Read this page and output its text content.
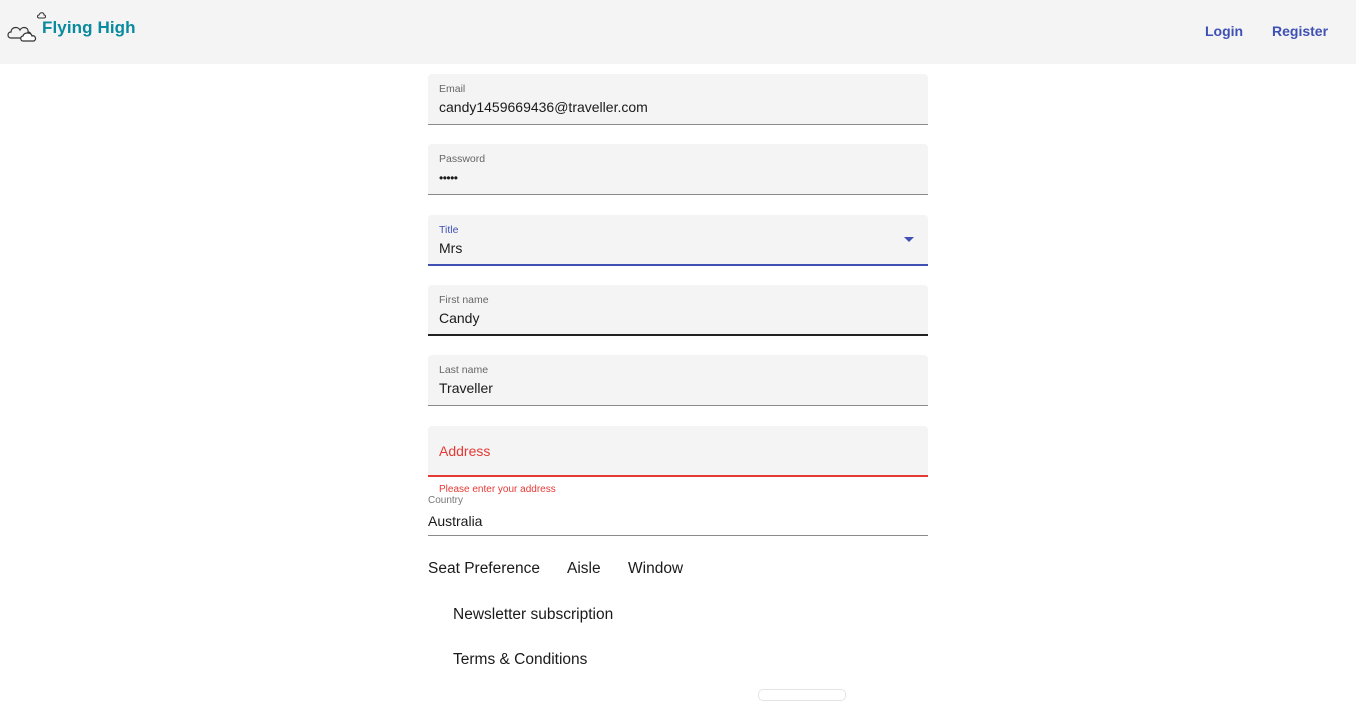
Flying High	Login Register
Email
candy1459669436@traveller.com
Password
•••••
Title
Mrs
First name
Candy
Last name
Traveller
Address
Please enter your address
Country
Australia
Seat Preference Aisle Window
Newsletter subscription
Terms & Conditions
